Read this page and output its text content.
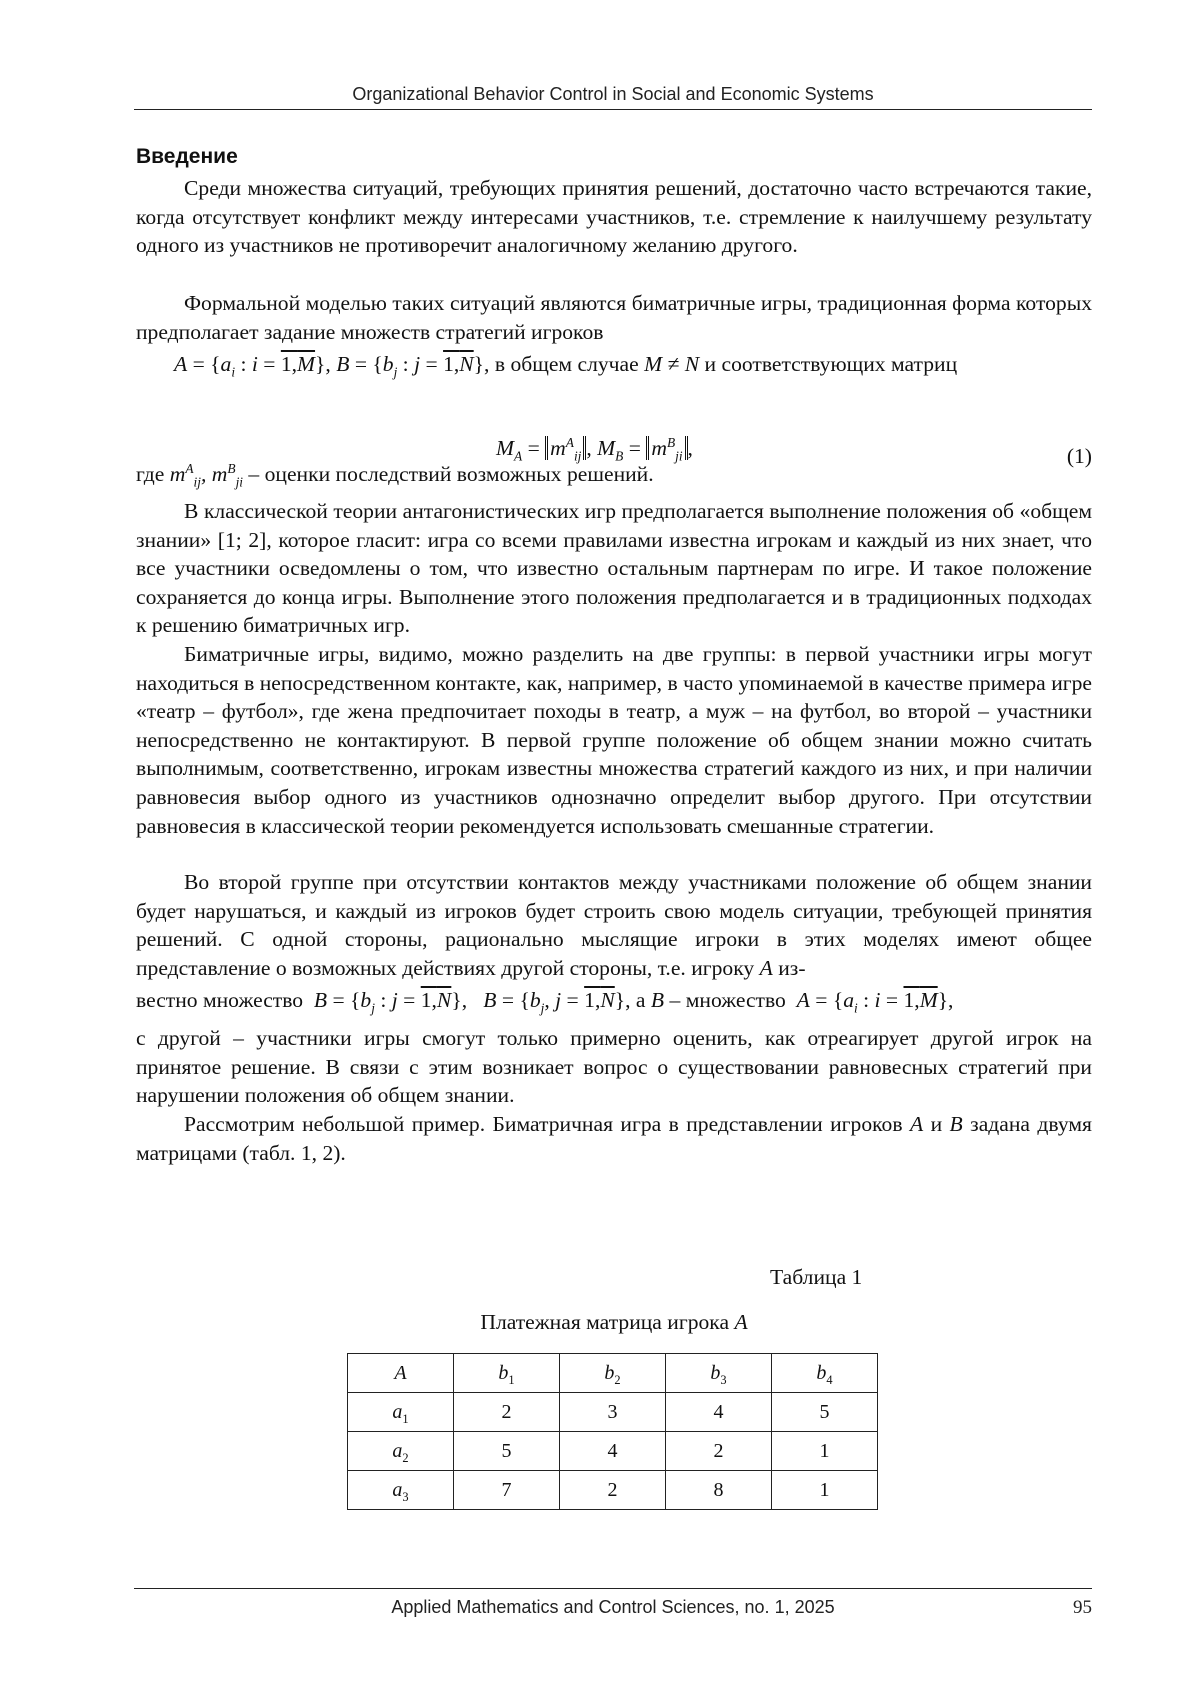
Organizational Behavior Control in Social and Economic Systems
Введение

Среди множества ситуаций, требующих принятия решений, достаточно часто встречаются такие, когда отсутствует конфликт между интересами участников, т.е. стремление к наилучшему результату одного из участников не противоречит аналогичному желанию другого.

Формальной моделью таких ситуаций являются биматричные игры, традиционная форма которых предполагает задание множеств стратегий игроков

A = {ai : i = 1,M}, B = {bj : j = 1,N}, в общем случае M ≠ N и соответствующих матриц
MA = mAij , MB = mBji ,	(1)
где mAij, mBji – оценки последствий возможных решений.

В классической теории антагонистических игр предполагается выполнение положения об «общем знании» [1; 2], которое гласит: игра со всеми правилами известна игрокам и каждый из них знает, что все участники осведомлены о том, что известно остальным партнерам по игре. И такое положение сохраняется до конца игры. Выполнение этого положения предполагается и в традиционных подходах к решению биматричных игр.

Биматричные игры, видимо, можно разделить на две группы: в первой участники игры могут находиться в непосредственном контакте, как, например, в часто упоминаемой в качестве примера игре «театр – футбол», где жена предпочитает походы в театр, а муж – на футбол, во второй – участники непосредственно не контактируют. В первой группе положение об общем знании можно считать выполнимым, соответственно, игрокам известны множества стратегий каждого из них, и при наличии равновесия выбор одного из участников однозначно определит выбор другого. При отсутствии равновесия в классической теории рекомендуется использовать смешанные стратегии.

Во второй группе при отсутствии контактов между участниками положение об общем знании будет нарушаться, и каждый из игроков будет строить свою модель ситуации, требующей принятия решений. С одной стороны, рационально мыслящие игроки в этих моделях имеют общее представление о возможных действиях другой стороны, т.е. игроку A из-

вестно множество B = {bj : j = 1,N},   B = {bj, j = 1,N}, а B – множество A = {ai : i = 1,M},

с другой – участники игры смогут только примерно оценить, как отреагирует другой игрок на принятое решение. В связи с этим возникает вопрос о существовании равновесных стратегий при нарушении положения об общем знании.

Рассмотрим небольшой пример. Биматричная игра в представлении игроков A и B задана двумя матрицами (табл. 1, 2).

Таблица 1
Платежная матрица игрока A
A	b1	b2	b3	b4
a1	2	3	4	5
a2	5	4	2	1
a3	7	2	8	1
Applied Mathematics and Control Sciences, no. 1, 2025	95
